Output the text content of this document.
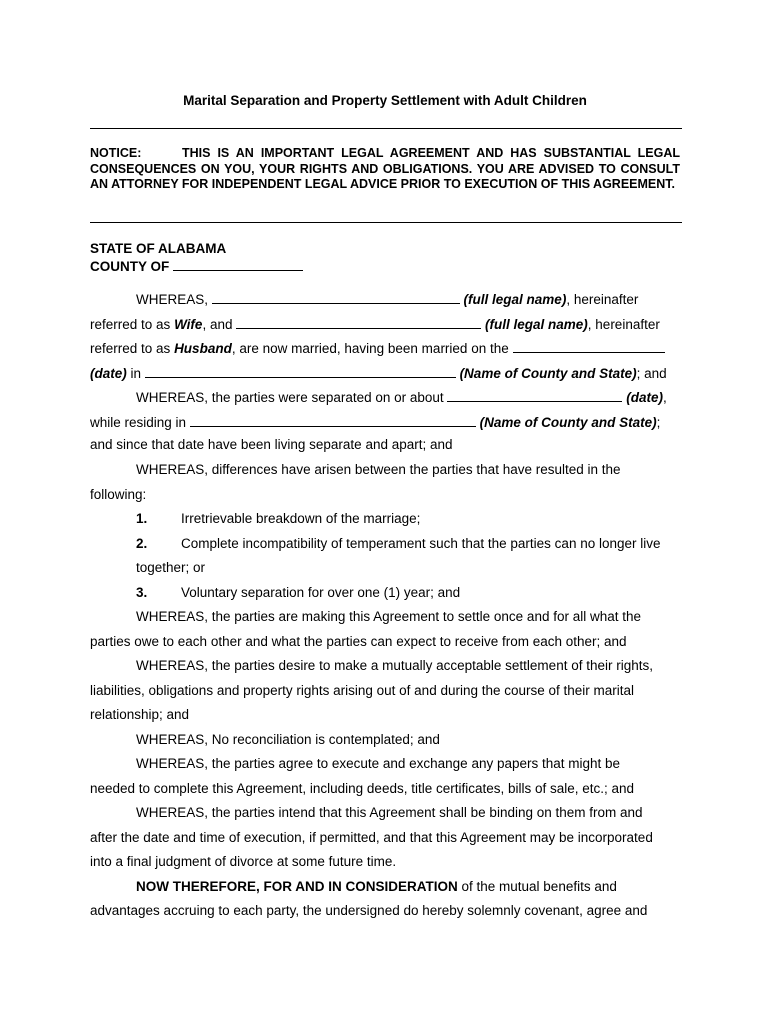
Marital Separation and Property Settlement with Adult Children
NOTICE:	THIS IS AN IMPORTANT LEGAL AGREEMENT AND HAS SUBSTANTIAL LEGAL CONSEQUENCES ON YOU, YOUR RIGHTS AND OBLIGATIONS. YOU ARE ADVISED TO CONSULT AN ATTORNEY FOR INDEPENDENT LEGAL ADVICE PRIOR TO EXECUTION OF THIS AGREEMENT.
STATE OF ALABAMA
COUNTY OF
WHEREAS,	(full legal name), hereinafter
referred to as Wife, and	(full legal name), hereinafter
referred to as Husband, are now married, having been married on the
(date) in	(Name of County and State); and
WHEREAS, the parties were separated on or about	(date),
while residing in	(Name of County and State);
and since that date have been living separate and apart; and
WHEREAS, differences have arisen between the parties that have resulted in the
following:
1. Irretrievable breakdown of the marriage;
2. Complete incompatibility of temperament such that the parties can no longer live
together; or
3. Voluntary separation for over one (1) year; and
WHEREAS, the parties are making this Agreement to settle once and for all what the
parties owe to each other and what the parties can expect to receive from each other; and
WHEREAS, the parties desire to make a mutually acceptable settlement of their rights,
liabilities, obligations and property rights arising out of and during the course of their marital
relationship; and
WHEREAS, No reconciliation is contemplated; and
WHEREAS, the parties agree to execute and exchange any papers that might be
needed to complete this Agreement, including deeds, title certificates, bills of sale, etc.; and
WHEREAS, the parties intend that this Agreement shall be binding on them from and
after the date and time of execution, if permitted, and that this Agreement may be incorporated
into a final judgment of divorce at some future time.
NOW THEREFORE, FOR AND IN CONSIDERATION of the mutual benefits and
advantages accruing to each party, the undersigned do hereby solemnly covenant, agree and
